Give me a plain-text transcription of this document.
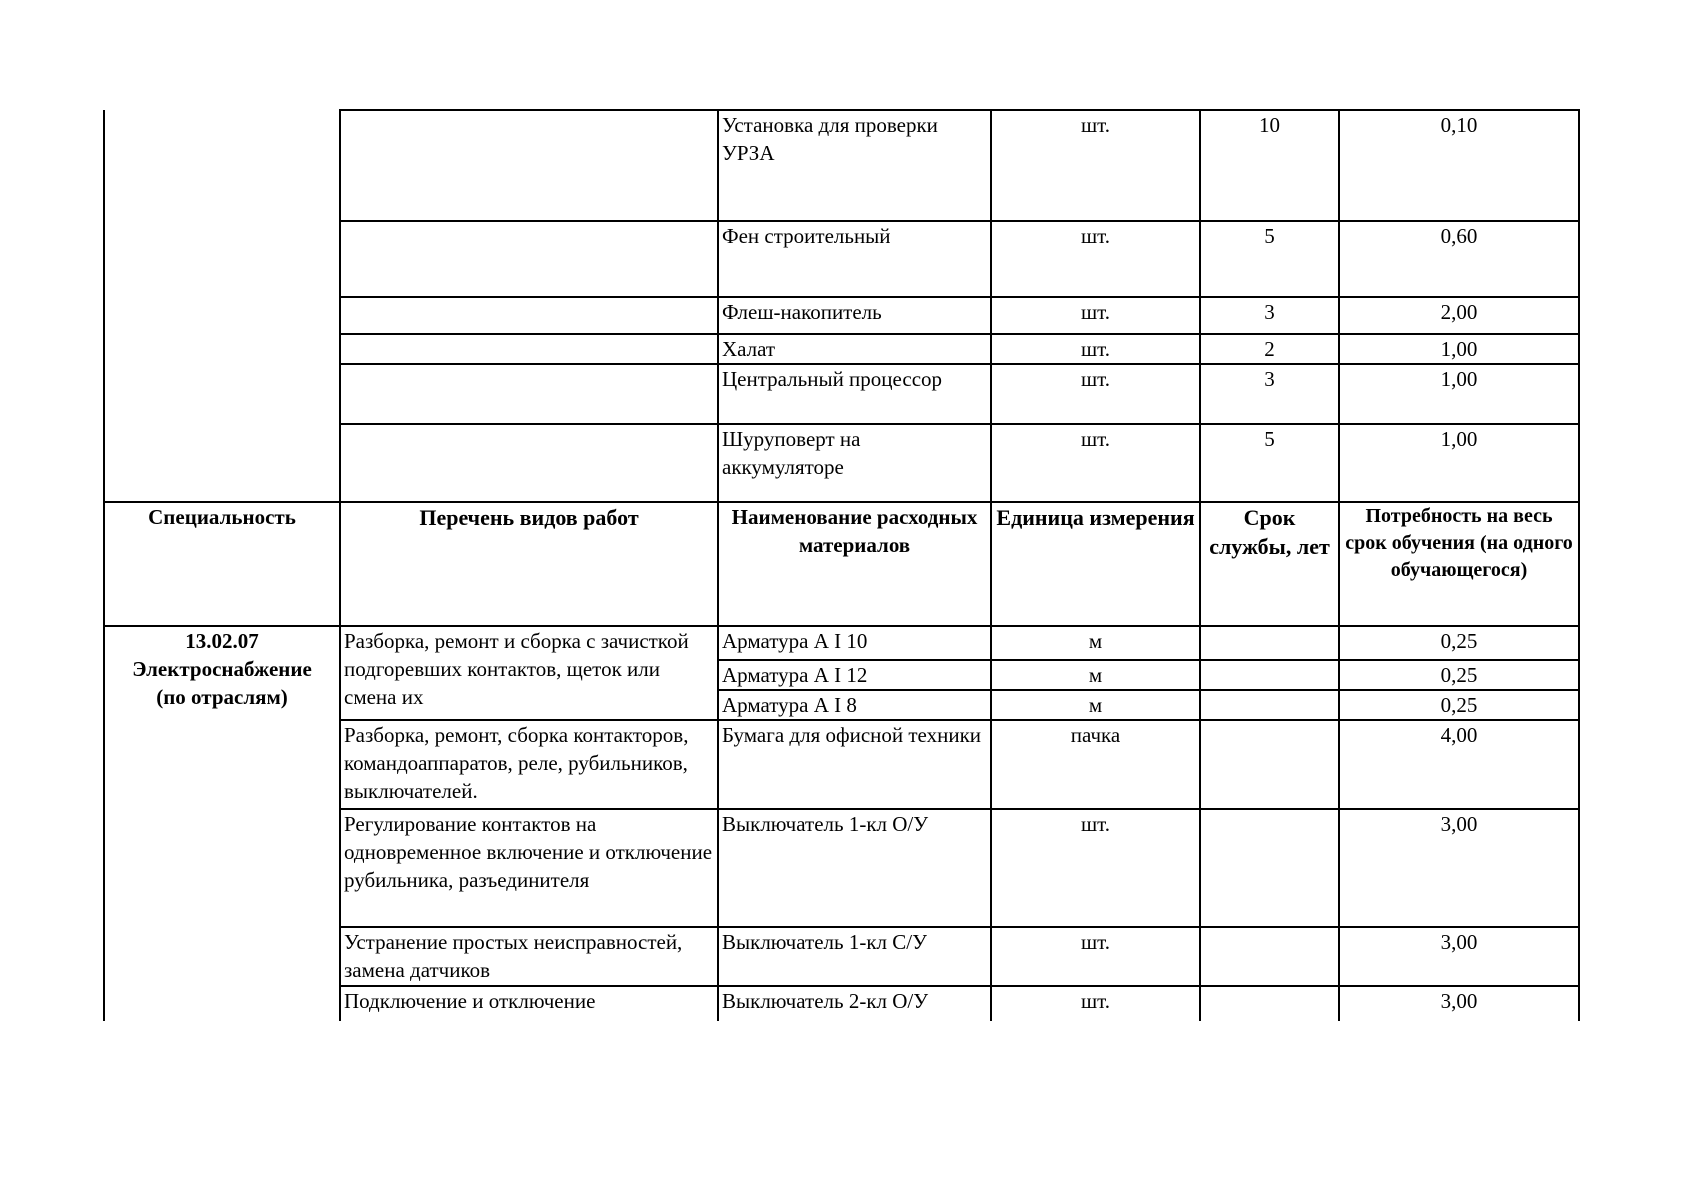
		Установка для проверки УРЗА	шт.	10	0,10
		Фен строительный	шт.	5	0,60
		Флеш-накопитель	шт.	3	2,00
		Халат	шт.	2	1,00
		Центральный процессор	шт.	3	1,00
		Шуруповерт на аккумуляторе	шт.	5	1,00
Специальность	Перечень видов работ	Наименование расходных материалов	Единица измерения	Срок службы, лет	Потребность на весь срок обучения (на одного обучающегося)

13.02.07
Электроснабжение
(по отраслям)	Разборка, ремонт и сборка с зачисткой подгоревших контактов, щеток или смена их	Арматура А I 10	м		0,25
		Арматура А I 12	м		0,25
		Арматура А I 8	м		0,25
	Разборка, ремонт, сборка контакторов, командоаппаратов, реле, рубильников, выключателей.	Бумага для офисной техники	пачка		4,00
	Регулирование контактов на одновременное включение и отключение рубильника, разъединителя	Выключатель 1-кл О/У	шт.		3,00
	Устранение простых неисправностей, замена датчиков	Выключатель 1-кл С/У	шт.		3,00
	Подключение и отключение	Выключатель 2-кл О/У	шт.		3,00
